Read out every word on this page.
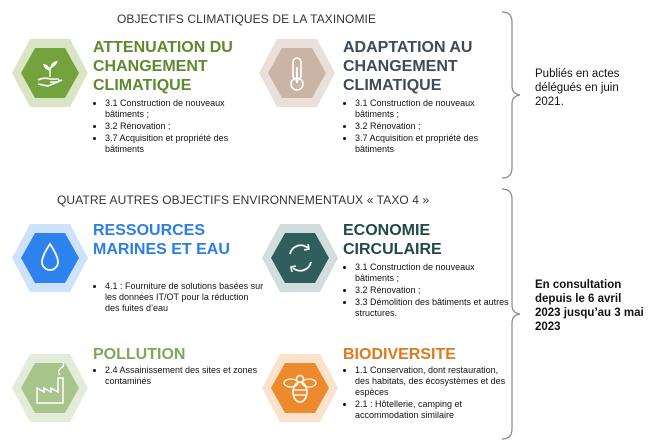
OBJECTIFS CLIMATIQUES DE LA TAXINOMIE
QUATRE AUTRES OBJECTIFS ENVIRONNEMENTAUX « TAXO 4 »
Publiés en actes délégués en juin 2021.
En consultation depuis le 6 avril 2023 jusqu’au 3 mai 2023
ATTENUATION DU CHANGEMENT CLIMATIQUE
• 3.1 Construction de nouveaux bâtiments ;
• 3.2 Rénovation ;
• 3.7 Acquisition et propriété des bâtiments
ADAPTATION AU CHANGEMENT CLIMATIQUE
• 3.1 Construction de nouveaux bâtiments ;
• 3.2 Rénovation ;
• 3.7 Acquisition et propriété des bâtiments
RESSOURCES MARINES ET EAU
• 4.1 : Fourniture de solutions basées sur les données IT/OT pour la réduction des fuites d’eau
ECONOMIE CIRCULAIRE
• 3.1 Construction de nouveaux bâtiments ;
• 3.2 Rénovation ;
• 3.3 Démolition des bâtiments et autres structures.
POLLUTION
• 2.4 Assainissement des sites et zones contaminés
BIODIVERSITE
• 1.1 Conservation, dont restauration, des habitats, des écosystèmes et des espèces
• 2.1 : Hôtellerie, camping et accommodation similaire
